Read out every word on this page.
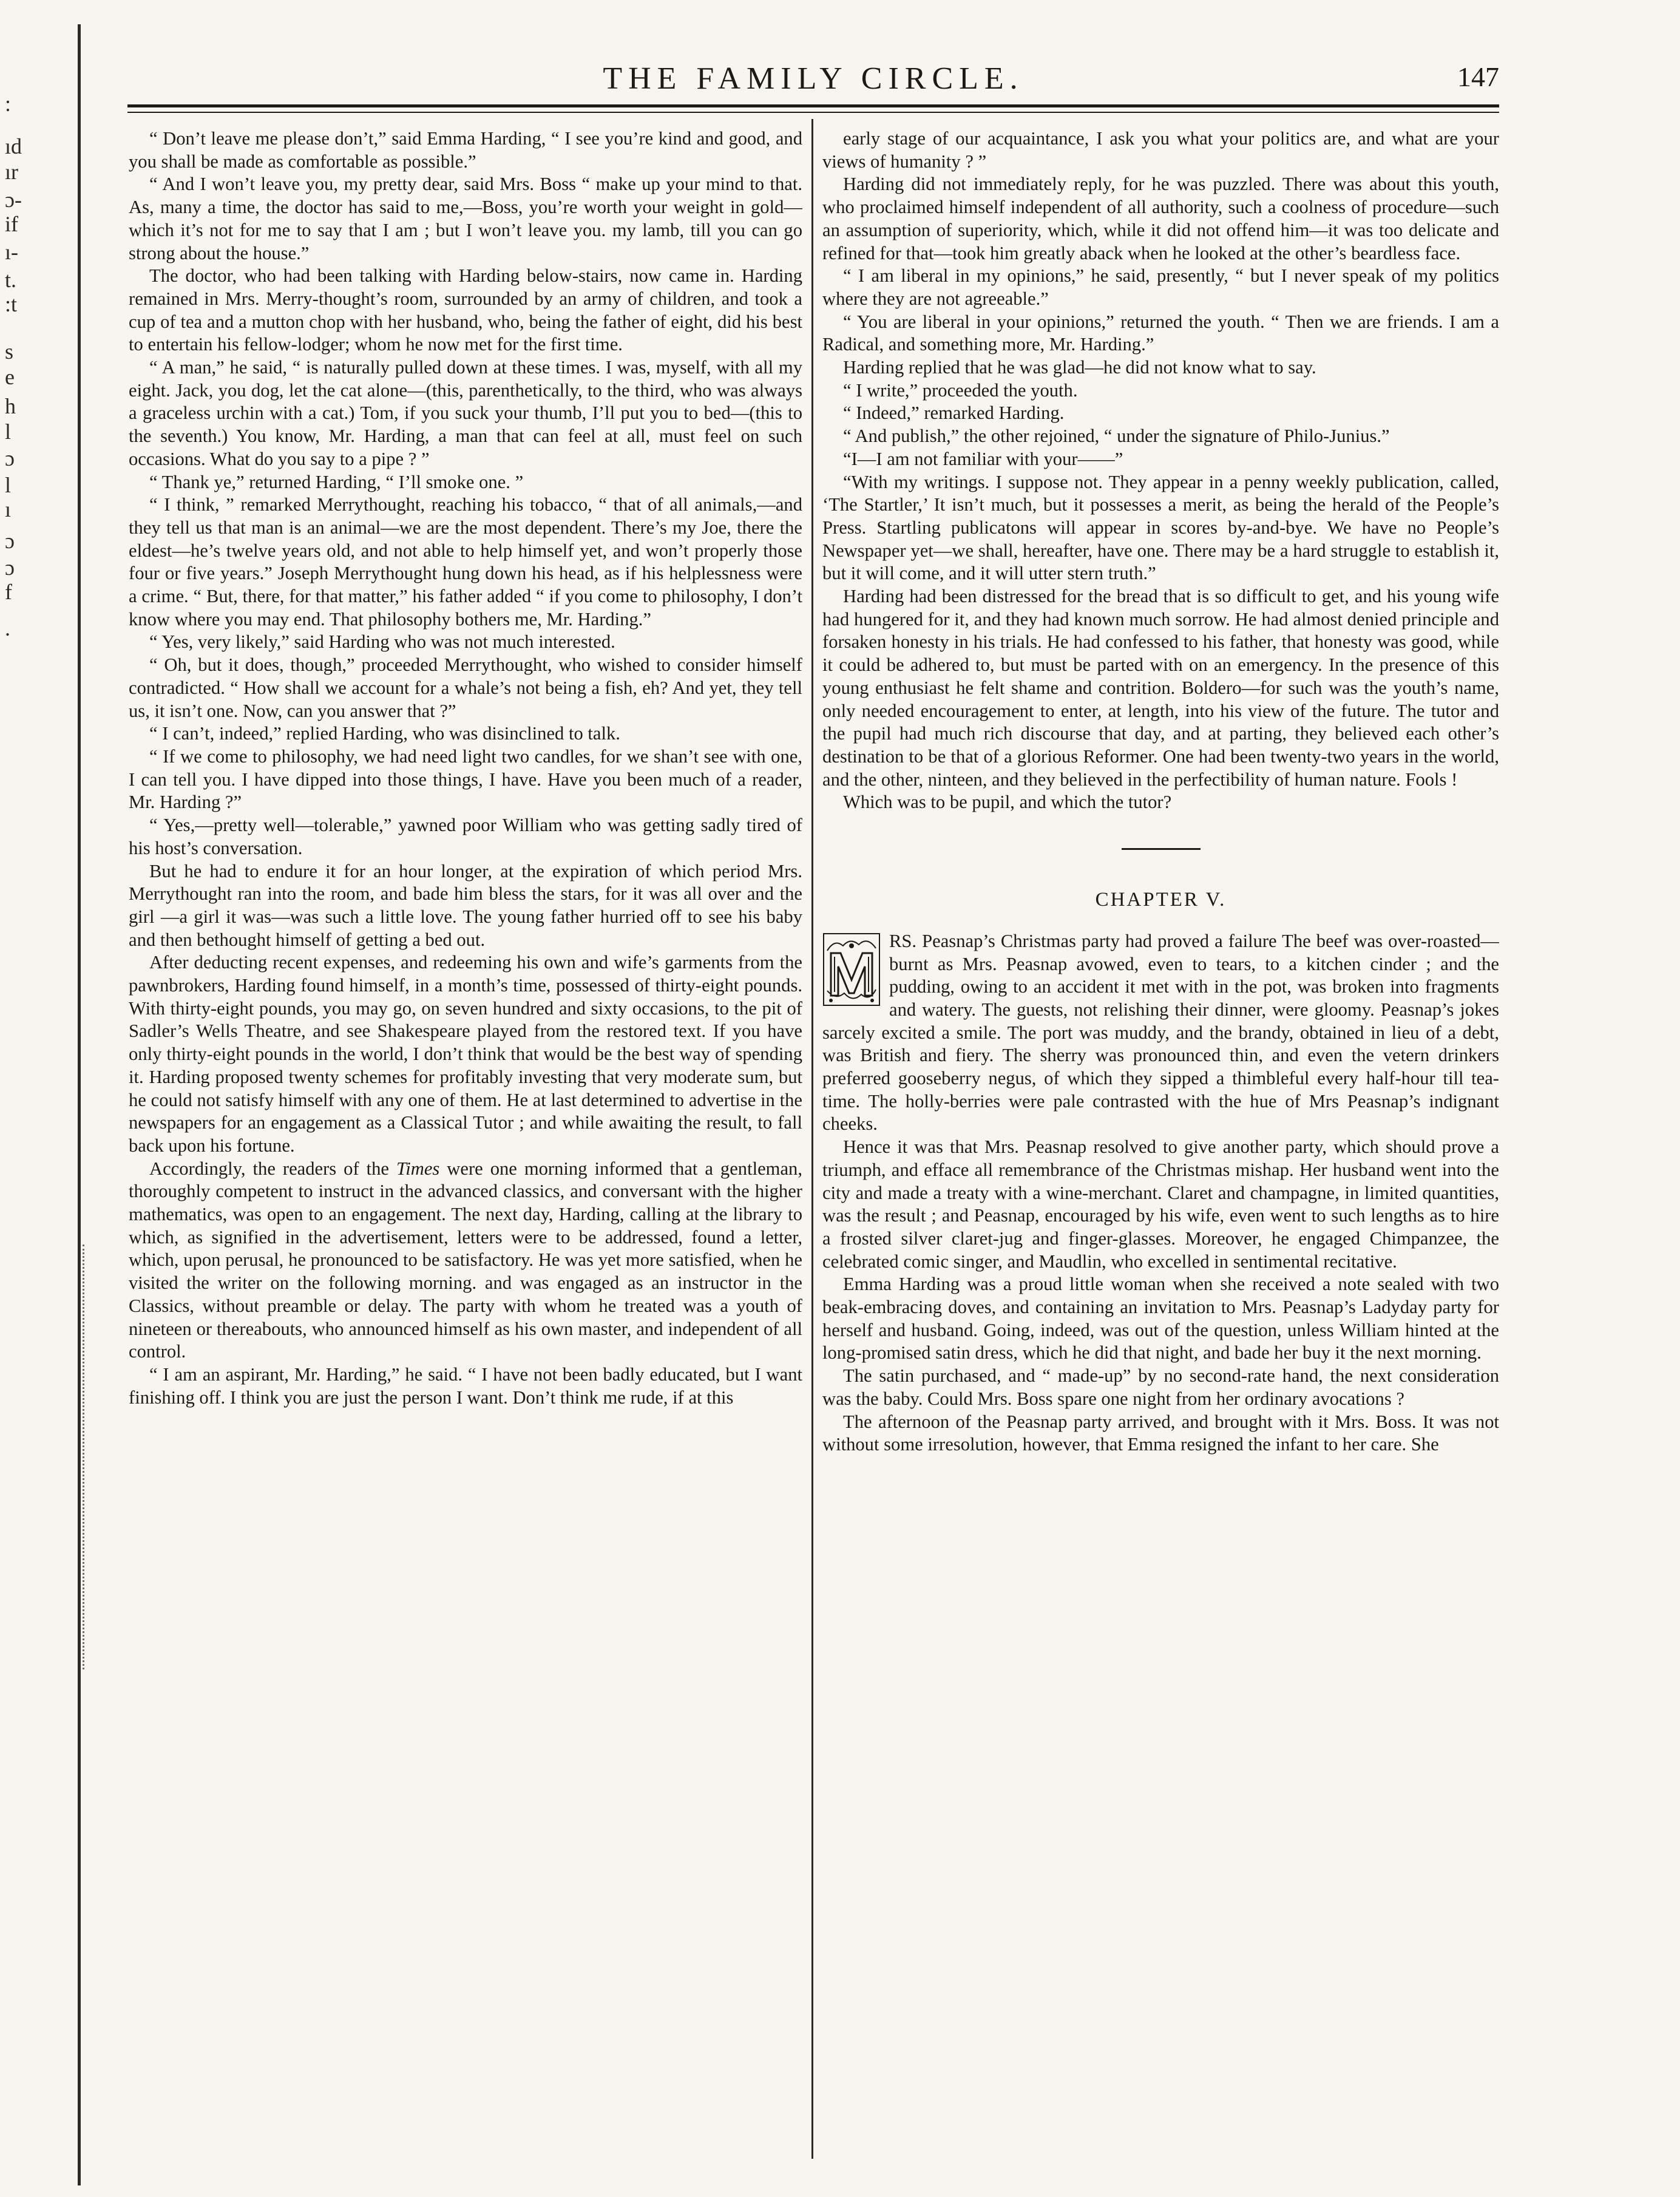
:
ıd
ır
ɔ-
if
ı-
t.
:t
s
e
h
l
ɔ
l
ı
ɔ
ɔ
f
.
THE FAMILY CIRCLE.	147

“ Don’t leave me please don’t,” said Emma Harding, “ I see you’re kind and good, and you shall be made as comfortable as possible.”

“ And I won’t leave you, my pretty dear, said Mrs. Boss “ make up your mind to that. As, many a time, the doctor has said to me,—Boss, you’re worth your weight in gold—which it’s not for me to say that I am ; but I won’t leave you. my lamb, till you can go strong about the house.”

The doctor, who had been talking with Harding below-stairs, now came in. Harding remained in Mrs. Merry-thought’s room, surrounded by an army of children, and took a cup of tea and a mutton chop with her husband, who, being the father of eight, did his best to entertain his fellow-lodger; whom he now met for the first time.

“ A man,” he said, “ is naturally pulled down at these times. I was, myself, with all my eight. Jack, you dog, let the cat alone—(this, parenthetically, to the third, who was always a graceless urchin with a cat.) Tom, if you suck your thumb, I’ll put you to bed—(this to the seventh.) You know, Mr. Harding, a man that can feel at all, must feel on such occasions. What do you say to a pipe ? ”

“ Thank ye,” returned Harding, “ I’ll smoke one. ”

“ I think, ” remarked Merrythought, reaching his tobacco, “ that of all animals,—and they tell us that man is an animal—we are the most dependent. There’s my Joe, there the eldest—he’s twelve years old, and not able to help himself yet, and won’t properly those four or five years.” Joseph Merrythought hung down his head, as if his helplessness were a crime. “ But, there, for that matter,” his father added “ if you come to philosophy, I don’t know where you may end. That philosophy bothers me, Mr. Harding.”

“ Yes, very likely,” said Harding who was not much interested.

“ Oh, but it does, though,” proceeded Merrythought, who wished to consider himself contradicted. “ How shall we account for a whale’s not being a fish, eh? And yet, they tell us, it isn’t one. Now, can you answer that ?”

“ I can’t, indeed,” replied Harding, who was disinclined to talk.

“ If we come to philosophy, we had need light two candles, for we shan’t see with one, I can tell you. I have dipped into those things, I have. Have you been much of a reader, Mr. Harding ?”

“ Yes,—pretty well—tolerable,” yawned poor William who was getting sadly tired of his host’s conversation.

But he had to endure it for an hour longer, at the expiration of which period Mrs. Merrythought ran into the room, and bade him bless the stars, for it was all over and the girl —a girl it was—was such a little love. The young father hurried off to see his baby and then bethought himself of getting a bed out.

After deducting recent expenses, and redeeming his own and wife’s garments from the pawnbrokers, Harding found himself, in a month’s time, possessed of thirty-eight pounds. With thirty-eight pounds, you may go, on seven hundred and sixty occasions, to the pit of Sadler’s Wells Theatre, and see Shakespeare played from the restored text. If you have only thirty-eight pounds in the world, I don’t think that would be the best way of spending it. Harding proposed twenty schemes for profitably investing that very moderate sum, but he could not satisfy himself with any one of them. He at last determined to advertise in the newspapers for an engagement as a Classical Tutor ; and while awaiting the result, to fall back upon his fortune.

Accordingly, the readers of the Times were one morning informed that a gentleman, thoroughly competent to instruct in the advanced classics, and conversant with the higher mathematics, was open to an engagement. The next day, Harding, calling at the library to which, as signified in the advertisement, letters were to be addressed, found a letter, which, upon perusal, he pronounced to be satisfactory. He was yet more satisfied, when he visited the writer on the following morning. and was engaged as an instructor in the Classics, without preamble or delay. The party with whom he treated was a youth of nineteen or thereabouts, who announced himself as his own master, and independent of all control.

“ I am an aspirant, Mr. Harding,” he said. “ I have not been badly educated, but I want finishing off. I think you are just the person I want. Don’t think me rude, if at this

early stage of our acquaintance, I ask you what your politics are, and what are your views of humanity ? ”

Harding did not immediately reply, for he was puzzled. There was about this youth, who proclaimed himself independent of all authority, such a coolness of procedure—such an assumption of superiority, which, while it did not offend him—it was too delicate and refined for that—took him greatly aback when he looked at the other’s beardless face.

“ I am liberal in my opinions,” he said, presently, “ but I never speak of my politics where they are not agreeable.”

“ You are liberal in your opinions,” returned the youth. “ Then we are friends. I am a Radical, and something more, Mr. Harding.”

Harding replied that he was glad—he did not know what to say.

“ I write,” proceeded the youth.

“ Indeed,” remarked Harding.

“ And publish,” the other rejoined, “ under the signature of Philo-Junius.”

“I—I am not familiar with your——”

“With my writings. I suppose not. They appear in a penny weekly publication, called, ‘The Startler,’ It isn’t much, but it possesses a merit, as being the herald of the People’s Press. Startling publicatons will appear in scores by-and-bye. We have no People’s Newspaper yet—we shall, hereafter, have one. There may be a hard struggle to establish it, but it will come, and it will utter stern truth.”

Harding had been distressed for the bread that is so difficult to get, and his young wife had hungered for it, and they had known much sorrow. He had almost denied principle and forsaken honesty in his trials. He had confessed to his father, that honesty was good, while it could be adhered to, but must be parted with on an emergency. In the presence of this young enthusiast he felt shame and contrition. Boldero—for such was the youth’s name, only needed encouragement to enter, at length, into his view of the future. The tutor and the pupil had much rich discourse that day, and at parting, they believed each other’s destination to be that of a glorious Reformer. One had been twenty-two years in the world, and the other, ninteen, and they believed in the perfectibility of human nature. Fools !

Which was to be pupil, and which the tutor?

CHAPTER V.

RS. Peasnap’s Christmas party had proved a failure The beef was over-roasted—burnt as Mrs. Peasnap avowed, even to tears, to a kitchen cinder ; and the pudding, owing to an accident it met with in the pot, was broken into fragments and watery. The guests, not relishing their dinner, were gloomy. Peasnap’s jokes sarcely excited a smile. The port was muddy, and the brandy, obtained in lieu of a debt, was British and fiery. The sherry was pronounced thin, and even the vetern drinkers preferred gooseberry negus, of which they sipped a thimbleful every half-hour till tea-time. The holly-berries were pale contrasted with the hue of Mrs Peasnap’s indignant cheeks.

Hence it was that Mrs. Peasnap resolved to give another party, which should prove a triumph, and efface all remembrance of the Christmas mishap. Her husband went into the city and made a treaty with a wine-merchant. Claret and champagne, in limited quantities, was the result ; and Peasnap, encouraged by his wife, even went to such lengths as to hire a frosted silver claret-jug and finger-glasses. Moreover, he engaged Chimpanzee, the celebrated comic singer, and Maudlin, who excelled in sentimental recitative.

Emma Harding was a proud little woman when she received a note sealed with two beak-embracing doves, and containing an invitation to Mrs. Peasnap’s Ladyday party for herself and husband. Going, indeed, was out of the question, unless William hinted at the long-promised satin dress, which he did that night, and bade her buy it the next morning.

The satin purchased, and “ made-up” by no second-rate hand, the next consideration was the baby. Could Mrs. Boss spare one night from her ordinary avocations ?

The afternoon of the Peasnap party arrived, and brought with it Mrs. Boss. It was not without some irresolution, however, that Emma resigned the infant to her care. She
